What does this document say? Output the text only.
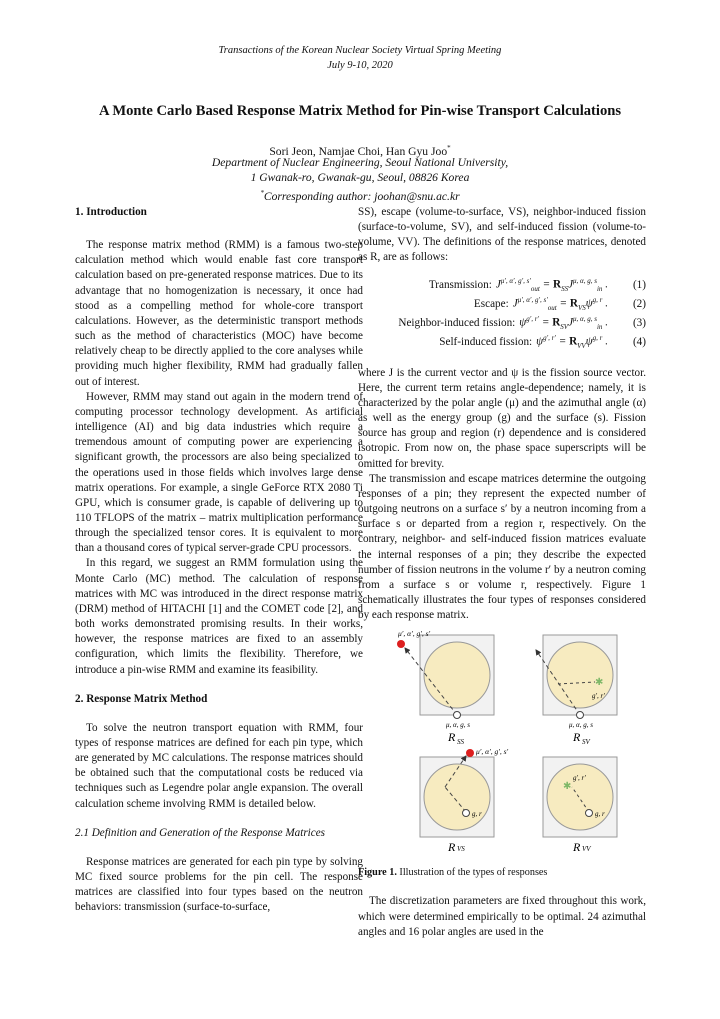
Transactions of the Korean Nuclear Society Virtual Spring Meeting
July 9-10, 2020
A Monte Carlo Based Response Matrix Method for Pin-wise Transport Calculations
Sori Jeon, Namjae Choi, Han Gyu Joo*
Department of Nuclear Engineering, Seoul National University,
1 Gwanak-ro, Gwanak-gu, Seoul, 08826 Korea
*Corresponding author: joohan@snu.ac.kr

1. Introduction

The response matrix method (RMM) is a famous two-step calculation method which would enable fast core transport calculation based on pre-generated response matrices. Due to its advantage that no homogenization is necessary, it once had stood as a compelling method for whole-core transport calculations. However, as the deterministic transport methods such as the method of characteristics (MOC) have become relatively cheap to be directly applied to the core analyses while providing much higher flexibility, RMM had gradually fallen out of interest.

However, RMM may stand out again in the modern trend of computing processor technology development. As artificial intelligence (AI) and big data industries which require a tremendous amount of computing power are experiencing a significant growth, the processors are also being specialized to the operations used in those fields which involves large dense matrix operations. For example, a single GeForce RTX 2080 Ti GPU, which is consumer grade, is capable of delivering up to 110 TFLOPS of the matrix – matrix multiplication performance through the specialized tensor cores. It is equivalent to more than a thousand cores of typical server-grade CPU processors.

In this regard, we suggest an RMM formulation using the Monte Carlo (MC) method. The calculation of response matrices with MC was introduced in the direct response matrix (DRM) method of HITACHI [1] and the COMET code [2], and both works demonstrated promising results. In their works, however, the response matrices are fixed to an assembly configuration, which limits the flexibility. Therefore, we introduce a pin-wise RMM and examine its feasibility.

2. Response Matrix Method

To solve the neutron transport equation with RMM, four types of response matrices are defined for each pin type, which are generated by MC calculations. The response matrices should be obtained such that the computational costs be reduced via techniques such as Legendre polar angle expansion. The overall calculation scheme involving RMM is detailed below.

2.1 Definition and Generation of the Response Matrices

Response matrices are generated for each pin type by solving MC fixed source problems for the pin cell. The response matrices are classified into four types based on the neutron behaviors: transmission (surface-to-surface,

SS), escape (volume-to-surface, VS), neighbor-induced fission (surface-to-volume, SV), and self-induced fission (volume-to-volume, VV). The definitions of the response matrices, denoted as R, are as follows:

Transmission: $J^{\mu', \alpha', g', s'}_{out} = R_{SS}J^{\mu, \alpha, g, s}_{in}$ .	(1)
Escape: $J^{\mu', \alpha', g', s'}_{out} = R_{VS}\psi^{g, r}$ .	(2)
Neighbor-induced fission: $\psi^{g', r'} = R_{SV}J^{\mu, \alpha, g, s}_{in}$ .	(3)
Self-induced fission: $\psi^{g', r'} = R_{VV}\psi^{g, r}$ .	(4)

where J is the current vector and ψ is the fission source vector. Here, the current term retains angle-dependence; namely, it is characterized by the polar angle (μ) and the azimuthal angle (α) as well as the energy group (g) and the surface (s). Fission source has group and region (r) dependence and is considered isotropic. From now on, the phase space superscripts will be omitted for brevity.

The transmission and escape matrices determine the outgoing responses of a pin; they represent the expected number of outgoing neutrons on a surface s′ by a neutron incoming from a surface s or departed from a region r, respectively. On the contrary, neighbor- and self-induced fission matrices evaluate the internal responses of a pin; they describe the expected number of fission neutrons in the volume r′ by a neutron coming from a surface s or volume r, respectively. Figure 1 schematically illustrates the four types of responses considered by each response matrix.

μ′, α′, g′, s′
μ, α, g, s
R SS
✱
g′, r′
μ, α, g, s
R SV
μ′, α′, g′, s′
g, r
R VS
✱
g′, r′
g, r
R VV

Figure 1. Illustration of the types of responses

The discretization parameters are fixed throughout this work, which were determined empirically to be optimal. 24 azimuthal angles and 16 polar angles are used in the
